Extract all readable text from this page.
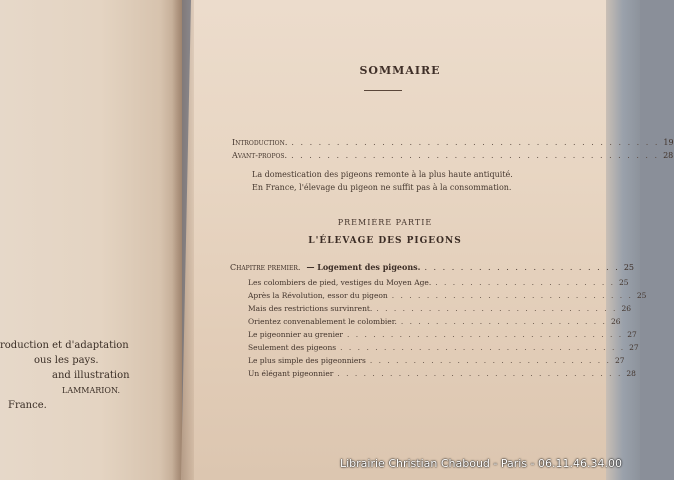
roduction et d'adaptation
ous les pays.
and illustration
LAMMARION.
France.
SOMMAIRE
Introduction. . . . . . . . . . . . . . . . . . . . . . . . . . . . . . . . . . . . . . . . . . 19
Avant-propos. . . . . . . . . . . . . . . . . . . . . . . . . . . . . . . . . . . . . . . . . . 28
La domestication des pigeons remonte à la plus haute antiquité.
En France, l'élevage du pigeon ne suffit pas à la consommation.
PREMIÈRE PARTIE
L'ÉLEVAGE DES PIGEONS
Chapitre premier. — Logement des pigeons. . . . . . . . . . . . . . . . . . . . . . . 25
Les colombiers de pied, vestiges du Moyen Age. . . . . . . . . . . . . . . . . . . . . . 25
Après la Révolution, essor du pigeon . . . . . . . . . . . . . . . . . . . . . . . . . . . . 25
Mais des restrictions survinrent. . . . . . . . . . . . . . . . . . . . . . . . . . . . . 26
Orientez convenablement le colombier. . . . . . . . . . . . . . . . . . . . . . . . . 26
Le pigeonnier au grenier . . . . . . . . . . . . . . . . . . . . . . . . . . . . . . . . 27
Seulement des pigeons . . . . . . . . . . . . . . . . . . . . . . . . . . . . . . . . . 27
Le plus simple des pigeonniers . . . . . . . . . . . . . . . . . . . . . . . . . . . . 27
Un élégant pigeonnier . . . . . . . . . . . . . . . . . . . . . . . . . . . . . . . . . 28
Librairie Christian Chaboud - Paris - 06.11.46.34.00
